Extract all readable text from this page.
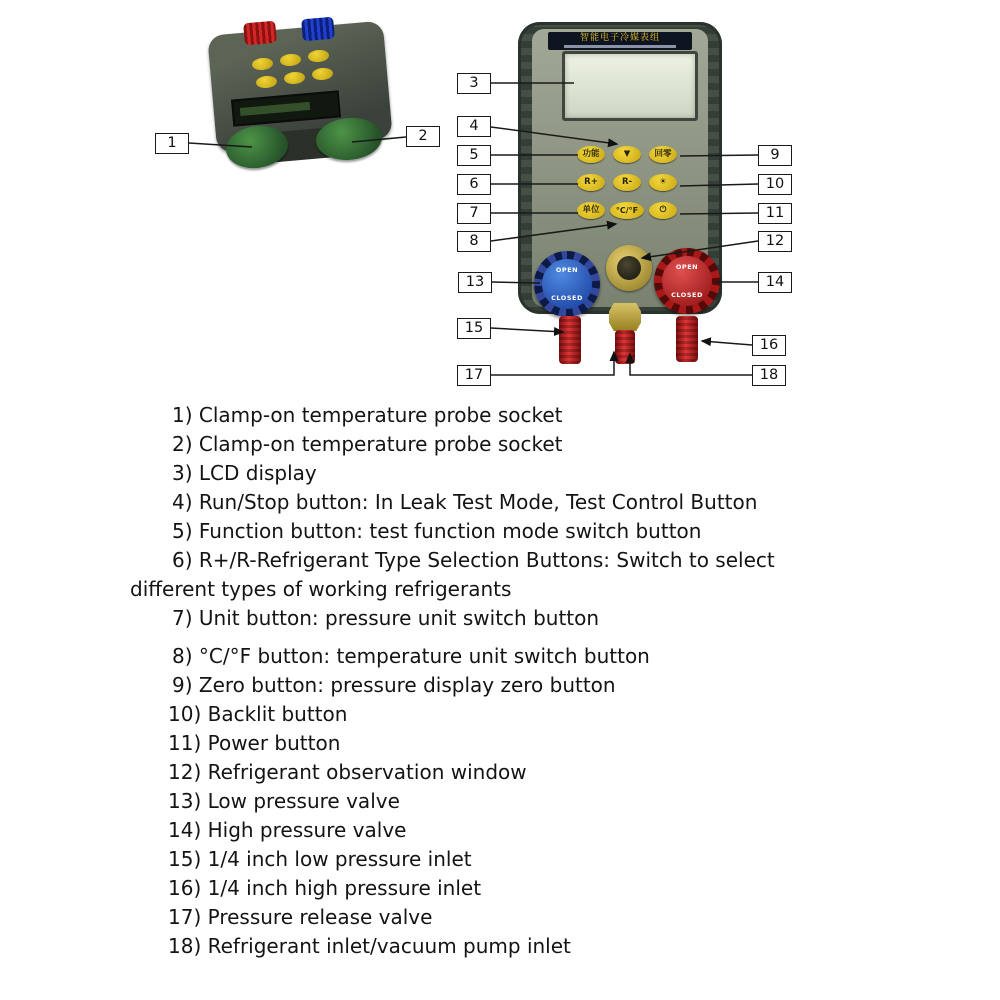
智能电子冷媒表组
功能	▼	回零
R+	R-	☀
单位	°C/°F	⏻
OPEN
CLOSED
OPEN
CLOSED
1	2
3
4
5
6
7
8
9
10
11
12
13	14
15
16
17	18
1) Clamp-on temperature probe socket
2) Clamp-on temperature probe socket
3) LCD display
4) Run/Stop button: In Leak Test Mode, Test Control Button
5) Function button: test function mode switch button
6) R+/R-Refrigerant Type Selection Buttons: Switch to select different types of working refrigerants
7) Unit button: pressure unit switch button
8) °C/°F button: temperature unit switch button
9) Zero button: pressure display zero button
10) Backlit button
11) Power button
12) Refrigerant observation window
13) Low pressure valve
14) High pressure valve
15) 1/4 inch low pressure inlet
16) 1/4 inch high pressure inlet
17) Pressure release valve
18) Refrigerant inlet/vacuum pump inlet
